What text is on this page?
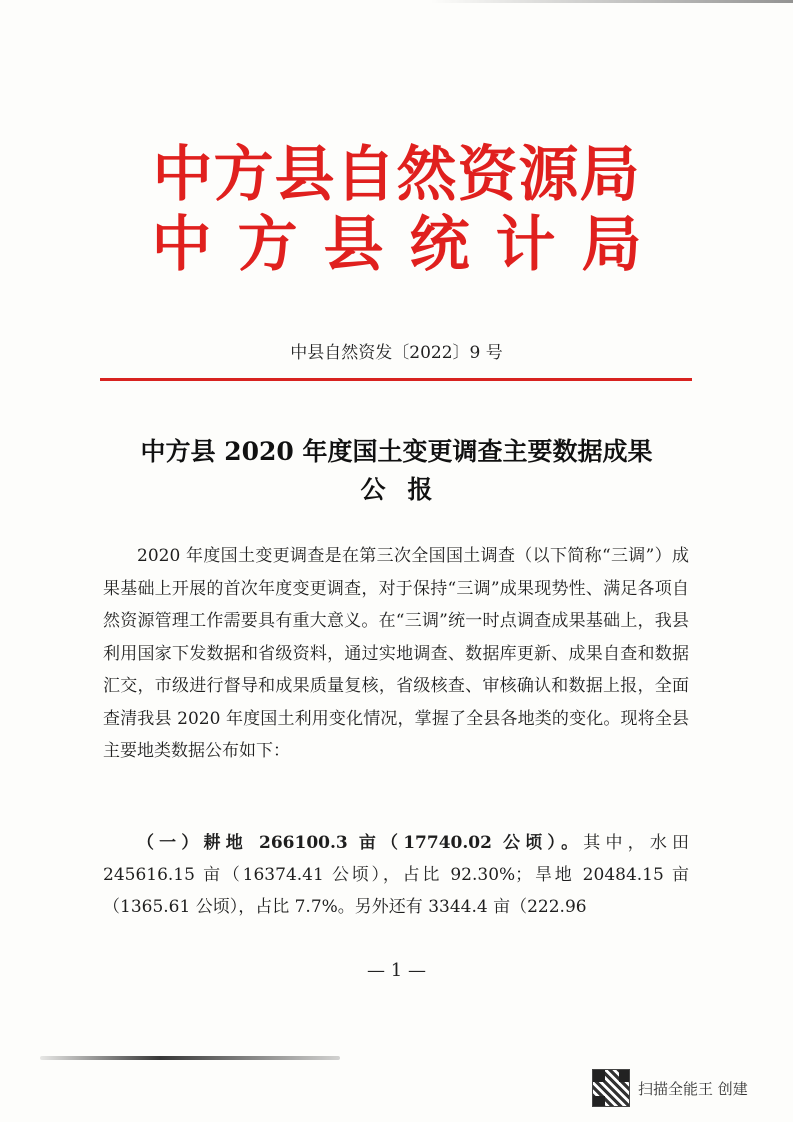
中方县自然资源局
中方县统计局
中县自然资发〔2022〕9 号
中方县 2020 年度国土变更调查主要数据成果
公报
2020 年度国土变更调查是在第三次全国国土调查（以下简称“三调”）成果基础上开展的首次年度变更调查，对于保持“三调”成果现势性、满足各项自然资源管理工作需要具有重大意义。在“三调”统一时点调查成果基础上，我县利用国家下发数据和省级资料，通过实地调查、数据库更新、成果自查和数据汇交，市级进行督导和成果质量复核，省级核查、审核确认和数据上报，全面查清我县 2020 年度国土利用变化情况，掌握了全县各地类的变化。现将全县主要地类数据公布如下：
（一）耕地 266100.3 亩（17740.02 公顷）。其中，水田 245616.15 亩（16374.41 公顷），占比 92.30%；旱地 20484.15 亩（1365.61 公顷），占比 7.7%。另外还有 3344.4 亩（222.96
— 1 —
扫描全能王 创建
